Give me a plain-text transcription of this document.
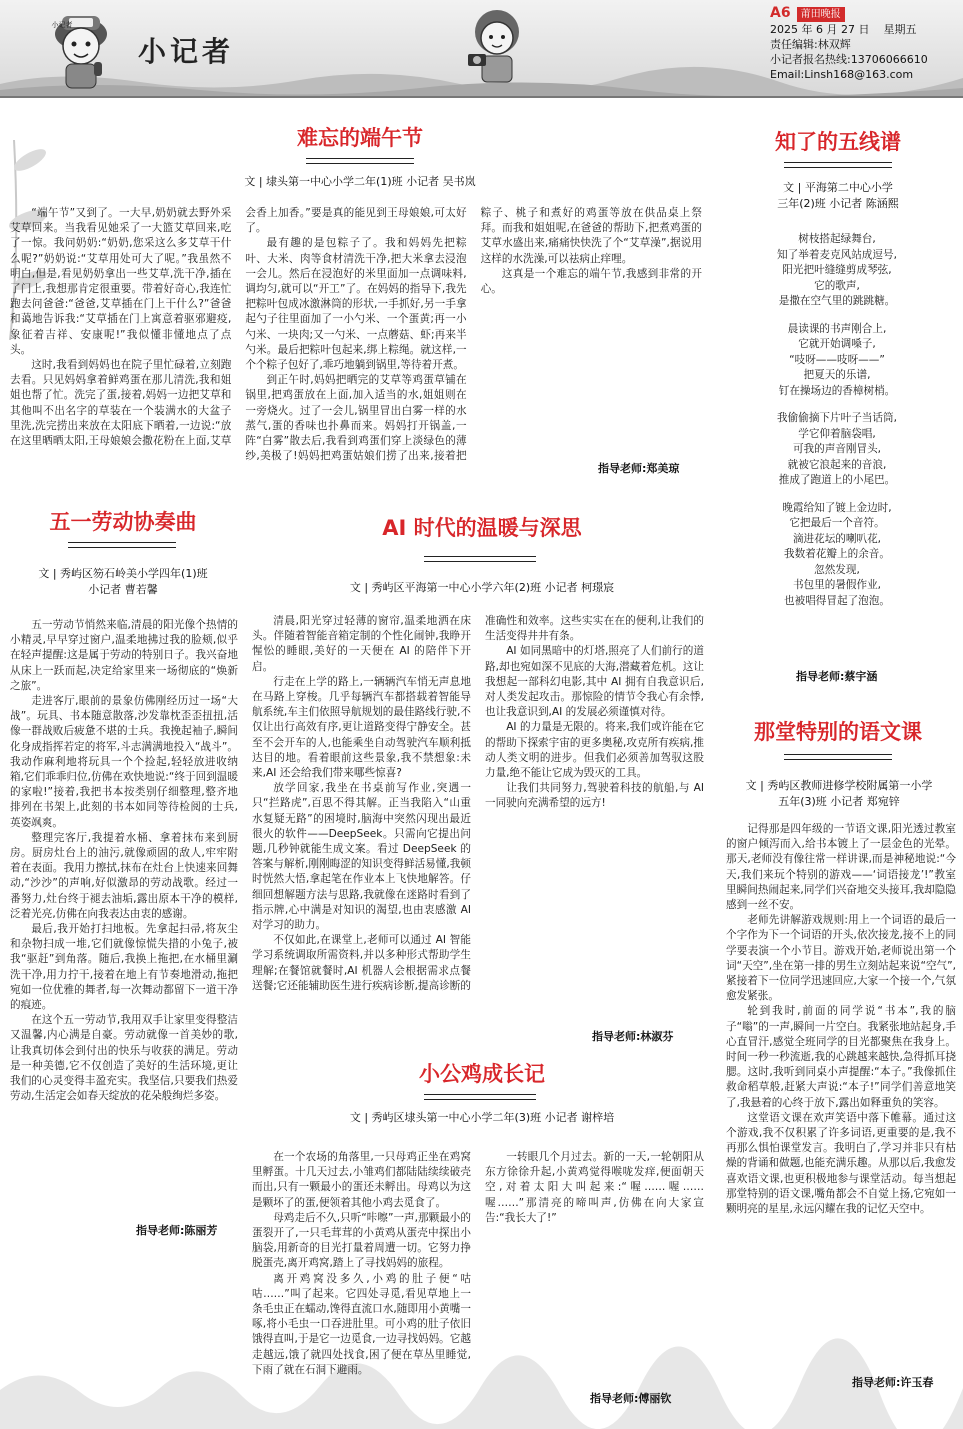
小记者
A6 莆田晚报
2025 年 6 月 27 日 星期五
责任编辑:林双辉
小记者报名热线:13706066610
Email:Linsh168@163.com
小记者
难忘的端午节
文 | 埭头第一中心小学二年(1)班 小记者 吴书岚

“端午节”又到了。一大早,奶奶就去野外采艾草回来。当我看见她采了一大篮艾草回来,吃了一惊。我问奶奶:“奶奶,您采这么多艾草干什么呢?”奶奶说:“艾草用处可大了呢。”我虽然不明白,但是,看见奶奶拿出一些艾草,洗干净,插在了门上,我想那肯定很重要。带着好奇心,我连忙跑去问爸爸:“爸爸,艾草插在门上干什么?”爸爸和蔼地告诉我:“艾草插在门上寓意着驱邪避疫,象征着吉祥、安康呢!”我似懂非懂地点了点头。

这时,我看到妈妈也在院子里忙碌着,立刻跑去看。只见妈妈拿着鲜鸡蛋在那儿清洗,我和姐姐也帮了忙。洗完了蛋,接着,妈妈一边把艾草和其他叫不出名字的草装在一个装满水的大盆子里洗,洗完捞出来放在太阳底下晒着,一边说:“放在这里晒晒太阳,王母娘娘会撒花粉在上面,艾草会香上加香。”要是真的能见到王母娘娘,可太好了。

最有趣的是包粽子了。我和妈妈先把粽叶、大米、肉等食材清洗干净,把大米拿去浸泡一会儿。然后在浸泡好的米里面加一点调味料,调均匀,就可以“开工”了。在妈妈的指导下,我先把粽叶包成冰激淋筒的形状,一手抓好,另一手拿起勺子往里面加了一小勺米、一个蛋黄;再一小勺米、一块肉;又一勺米、一点蘑菇、虾;再来半勺米。最后把粽叶包起来,绑上粽绳。就这样,一个个粽子包好了,乖巧地躺到锅里,等待着开煮。

到正午时,妈妈把晒完的艾草等鸡蛋草铺在锅里,把鸡蛋放在上面,加入适当的水,姐姐则在一旁烧火。过了一会儿,锅里冒出白雾一样的水蒸气,蛋的香味也扑鼻而来。妈妈打开锅盖,一阵“白雾”散去后,我看到鸡蛋们穿上淡绿色的薄纱,美极了!妈妈把鸡蛋姑娘们捞了出来,接着把粽子、桃子和煮好的鸡蛋等放在供品桌上祭拜。而我和姐姐呢,在爸爸的帮助下,把煮鸡蛋的艾草水盛出来,痛痛快快洗了个“艾草澡”,据说用这样的水洗澡,可以祛病止痒哩。

这真是一个难忘的端午节,我感到非常的开心。

指导老师:郑美琼
知了的五线谱
文 | 平海第二中心小学
三年(2)班 小记者 陈涵熙

树枝搭起绿舞台,
知了举着麦克风站成逗号,
阳光把叶缝缝剪成琴弦,
它的歌声,
是撒在空气里的跳跳糖。

晨读课的书声刚合上,
它就开始调嗓子,
“吱呀——吱呀——”
把夏天的乐谱,
钉在操场边的香樟树梢。

我偷偷摘下片叶子当话筒,
学它仰着脑袋唱,
可我的声音刚冒头,
就被它浪起来的音浪,
推成了跑道上的小尾巴。

晚霞给知了镀上金边时,
它把最后一个音符。
滴进花坛的喇叭花,
我数着花瓣上的余音。
忽然发现,
书包里的暑假作业,
也被唱得冒起了泡泡。

指导老师:蔡宇涵
五一劳动协奏曲
文 | 秀屿区笏石岭美小学四年(1)班
小记者 曹若馨

五一劳动节悄然来临,清晨的阳光像个热情的小精灵,早早穿过窗户,温柔地拂过我的脸颊,似乎在轻声提醒:这是属于劳动的特别日子。我兴奋地从床上一跃而起,决定给家里来一场彻底的“焕新之旅”。

走进客厅,眼前的景象仿佛刚经历过一场“大战”。玩具、书本随意散落,沙发靠枕歪歪扭扭,活像一群战败后疲惫不堪的士兵。我挽起袖子,瞬间化身成指挥若定的将军,斗志满满地投入“战斗”。我动作麻利地将玩具一个个捡起,轻轻放进收纳箱,它们乖乖归位,仿佛在欢快地说:“终于回到温暖的家啦!”接着,我把书本按类别仔细整理,整齐地排列在书架上,此刻的书本如同等待检阅的士兵,英姿飒爽。

整理完客厅,我提着水桶、拿着抹布来到厨房。厨房灶台上的油污,就像顽固的敌人,牢牢附着在表面。我用力擦拭,抹布在灶台上快速来回舞动,“沙沙”的声响,好似激昂的劳动战歌。经过一番努力,灶台终于褪去油垢,露出原本干净的模样,泛着光亮,仿佛在向我表达由衷的感谢。

最后,我开始打扫地板。先拿起扫帚,将灰尘和杂物扫成一堆,它们就像惊慌失措的小兔子,被我“驱赶”到角落。随后,我换上拖把,在水桶里涮洗干净,用力拧干,接着在地上有节奏地滑动,拖把宛如一位优雅的舞者,每一次舞动都留下一道干净的痕迹。

在这个五一劳动节,我用双手让家里变得整洁又温馨,内心满是自豪。劳动就像一首美妙的歌,让我真切体会到付出的快乐与收获的满足。劳动是一种美德,它不仅创造了美好的生活环境,更让我们的心灵变得丰盈充实。我坚信,只要我们热爱劳动,生活定会如春天绽放的花朵般绚烂多姿。

指导老师:陈丽芳
AI 时代的温暖与深思
文 | 秀屿区平海第一中心小学六年(2)班 小记者 柯璟宸

清晨,阳光穿过轻薄的窗帘,温柔地洒在床头。伴随着智能音箱定制的个性化闹钟,我睁开惺忪的睡眼,美好的一天便在 AI 的陪伴下开启。

行走在上学的路上,一辆辆汽车悄无声息地在马路上穿梭。几乎每辆汽车都搭载着智能导航系统,车主们依照导航规划的最佳路线行驶,不仅让出行高效有序,更让道路变得宁静安全。甚至不会开车的人,也能乘坐自动驾驶汽车顺利抵达目的地。看着眼前这些景象,我不禁想象:未来,AI 还会给我们带来哪些惊喜?

放学回家,我坐在书桌前写作业,突遇一只“拦路虎”,百思不得其解。正当我陷入“山重水复疑无路”的困境时,脑海中突然闪现出最近很火的软件——DeepSeek。只需向它提出问题,几秒钟就能生成文案。看过 DeepSeek 的答案与解析,刚刚晦涩的知识变得鲜活易懂,我顿时恍然大悟,拿起笔在作业本上飞快地解答。仔细回想解题方法与思路,我就像在迷路时看到了指示牌,心中满是对知识的渴望,也由衷感激 AI 对学习的助力。

不仅如此,在课堂上,老师可以通过 AI 智能学习系统调取所需资料,并以多种形式帮助学生理解;在餐馆就餐时,AI 机器人会根据需求点餐送餐;它还能辅助医生进行疾病诊断,提高诊断的准确性和效率。这些实实在在的便利,让我们的生活变得井井有条。

AI 如同黑暗中的灯塔,照亮了人们前行的道路,却也宛如深不见底的大海,潜藏着危机。这让我想起一部科幻电影,其中 AI 拥有自我意识后,对人类发起攻击。那惊险的情节令我心有余悸,也让我意识到,AI 的发展必须谨慎对待。

AI 的力量是无限的。将来,我们或许能在它的帮助下探索宇宙的更多奥秘,攻克所有疾病,推动人类文明的进步。但我们必须善加驾驭这股力量,绝不能让它成为毁灭的工具。

让我们共同努力,驾驶着科技的航船,与 AI 一同驶向充满希望的远方!

指导老师:林淑芬
小公鸡成长记
文 | 秀屿区埭头第一中心小学二年(3)班 小记者 谢梓培

在一个农场的角落里,一只母鸡正坐在鸡窝里孵蛋。十几天过去,小雏鸡们都陆陆续续破壳而出,只有一颗最小的蛋还未孵出。母鸡以为这是颗坏了的蛋,便领着其他小鸡去觅食了。

母鸡走后不久,只听“咔嚓”一声,那颗最小的蛋裂开了,一只毛茸茸的小黄鸡从蛋壳中探出小脑袋,用新奇的目光打量着周遭一切。它努力挣脱蛋壳,离开鸡窝,踏上了寻找妈妈的旅程。

离开鸡窝没多久,小鸡的肚子便“咕咕……”叫了起来。它四处寻觅,看见草地上一条毛虫正在蠕动,馋得直流口水,随即用小黄嘴一啄,将小毛虫一口吞进肚里。可小鸡的肚子依旧饿得直叫,于是它一边觅食,一边寻找妈妈。它越走越远,饿了就四处找食,困了便在草丛里睡觉,下雨了就在石洞下避雨。

一转眼几个月过去。新的一天,一轮朝阳从东方徐徐升起,小黄鸡觉得喉咙发痒,便面朝天空,对着太阳大叫起来:“喔……喔……喔……”那清亮的啼叫声,仿佛在向大家宣告:“我长大了!”

指导老师:傅丽钦
那堂特别的语文课
文 | 秀屿区教师进修学校附属第一小学
五年(3)班 小记者 郑宛锌

记得那是四年级的一节语文课,阳光透过教室的窗户倾泻而入,给书本镀上了一层金色的光晕。那天,老师没有像往常一样讲课,而是神秘地说:“今天,我们来玩个特别的游戏——‘词语接龙’!”教室里瞬间热闹起来,同学们兴奋地交头接耳,我却隐隐感到一丝不安。

老师先讲解游戏规则:用上一个词语的最后一个字作为下一个词语的开头,依次接龙,接不上的同学要表演一个小节目。游戏开始,老师说出第一个词“天空”,坐在第一排的男生立刻站起来说“空气”,紧接着下一位同学迅速回应,大家一个接一个,气氛愈发紧张。

轮到我时,前面的同学说“书本”,我的脑子“嗡”的一声,瞬间一片空白。我紧张地站起身,手心直冒汗,感觉全班同学的目光都聚焦在我身上。时间一秒一秒流逝,我的心跳越来越快,急得抓耳挠腮。这时,我听到同桌小声提醒:“本子。”我像抓住救命稻草般,赶紧大声说:“本子!”同学们善意地笑了,我悬着的心终于放下,露出如释重负的笑容。

这堂语文课在欢声笑语中落下帷幕。通过这个游戏,我不仅积累了许多词语,更重要的是,我不再那么惧怕课堂发言。我明白了,学习并非只有枯燥的背诵和做题,也能充满乐趣。从那以后,我愈发喜欢语文课,也更积极地参与课堂活动。每当想起那堂特别的语文课,嘴角都会不自觉上扬,它宛如一颗明亮的星星,永远闪耀在我的记忆天空中。

指导老师:许玉春
